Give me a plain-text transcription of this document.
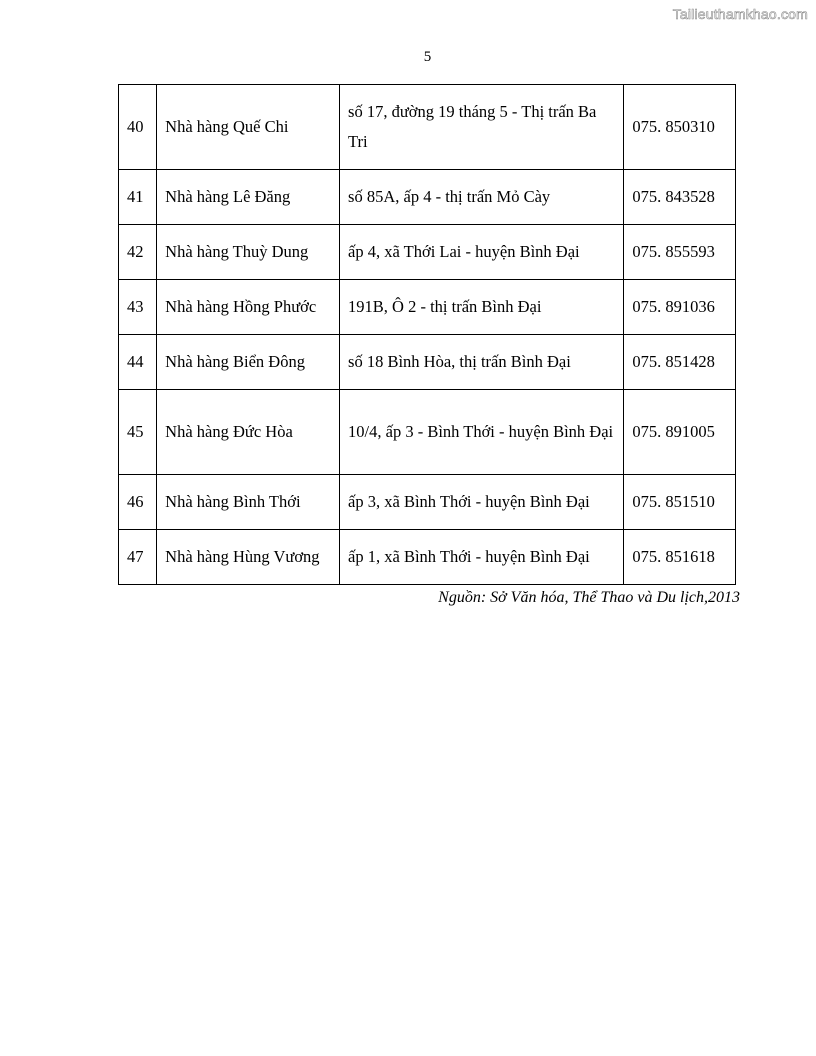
Tailieuthamkhao.com
5
40	Nhà hàng Quế Chi	số 17, đường 19 tháng 5 - Thị trấn Ba Tri	075. 850310
41	Nhà hàng Lê Đăng	số 85A, ấp 4 - thị trấn Mỏ Cày	075. 843528
42	Nhà hàng Thuỳ Dung	ấp 4, xã Thới Lai - huyện Bình Đại	075. 855593
43	Nhà hàng Hồng Phước	191B, Ô 2 - thị trấn Bình Đại	075. 891036
44	Nhà hàng Biển Đông	số 18 Bình Hòa, thị trấn Bình Đại	075. 851428
45	Nhà hàng Đức Hòa	10/4, ấp 3 - Bình Thới - huyện Bình Đại	075. 891005
46	Nhà hàng Bình Thới	ấp 3, xã Bình Thới - huyện Bình Đại	075. 851510
47	Nhà hàng Hùng Vương	ấp 1, xã Bình Thới - huyện Bình Đại	075. 851618
Nguồn: Sở Văn hóa, Thể Thao và Du lịch,2013
